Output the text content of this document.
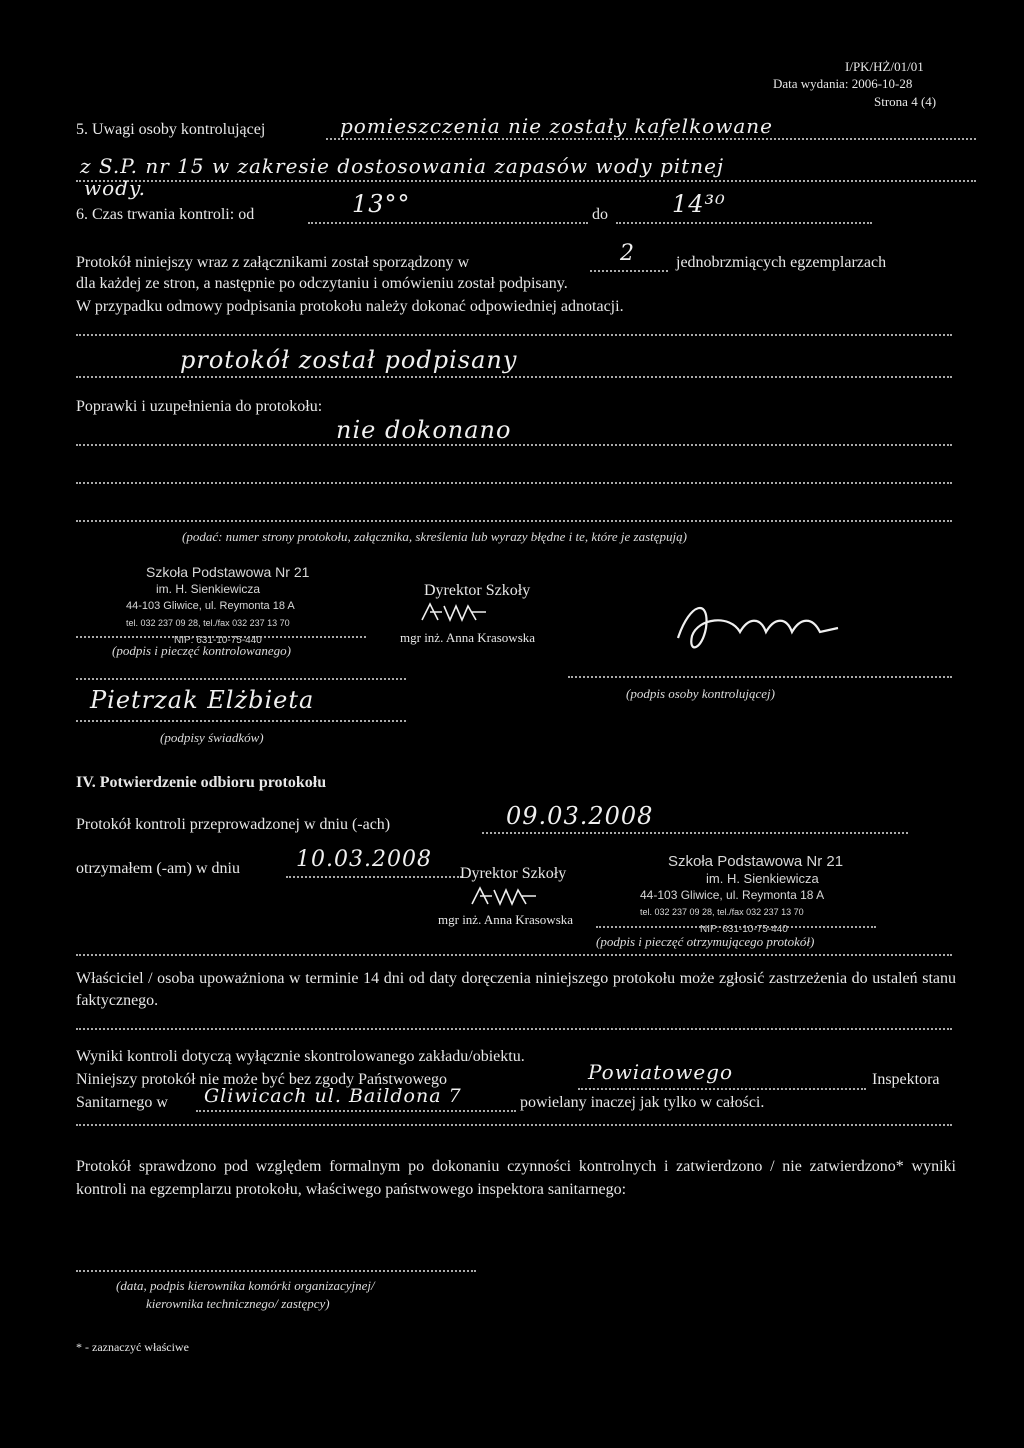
I/PK/HŻ/01/01
Data wydania: 2006-10-28
Strona 4 (4)
5. Uwagi osoby kontrolującej	pomieszczenia nie zostały kafelkowane
z S.P. nr 15 w zakresie dostosowania zapasów wody pitnej
wody.
6. Czas trwania kontroli: od	13°°	do	14³⁰
Protokół niniejszy wraz z załącznikami został sporządzony w	2	jednobrzmiących egzemplarzach
dla każdej ze stron, a następnie po odczytaniu i omówieniu został podpisany.
W przypadku odmowy podpisania protokołu należy dokonać odpowiedniej adnotacji.
protokół został podpisany
Poprawki i uzupełnienia do protokołu:
nie dokonano
(podać: numer strony protokołu, załącznika, skreślenia lub wyrazy błędne i te, które je zastępują)
Szkoła Podstawowa Nr 21
im. H. Sienkiewicza
44-103 Gliwice, ul. Reymonta 18 A
tel. 032 237 09 28, tel./fax 032 237 13 70
NIP: 631-10-75-440
(podpis i pieczęć kontrolowanego)
Dyrektor Szkoły
mgr inż. Anna Krasowska
(podpis osoby kontrolującej)
Pietrzak Elżbieta
(podpisy świadków)
IV. Potwierdzenie odbioru protokołu
Protokół kontroli przeprowadzonej w dniu (-ach)	09.03.2008
otrzymałem (-am) w dniu	10.03.2008
Dyrektor Szkoły
mgr inż. Anna Krasowska
Szkoła Podstawowa Nr 21
im. H. Sienkiewicza
44-103 Gliwice, ul. Reymonta 18 A
tel. 032 237 09 28, tel./fax 032 237 13 70
NIP: 631-10-75-440
(podpis i pieczęć otrzymującego protokół)
Właściciel / osoba upoważniona w terminie 14 dni od daty doręczenia niniejszego protokołu może zgłosić zastrzeżenia do ustaleń stanu faktycznego.
Wyniki kontroli dotyczą wyłącznie skontrolowanego zakładu/obiektu.
Niniejszy protokół nie może być bez zgody Państwowego	Powiatowego	Inspektora
Sanitarnego w Gliwicach ul. Baildona 7	powielany inaczej jak tylko w całości.
Protokół sprawdzono pod względem formalnym po dokonaniu czynności kontrolnych i zatwierdzono / nie zatwierdzono* wyniki kontroli na egzemplarzu protokołu, właściwego państwowego inspektora sanitarnego:
(data, podpis kierownika komórki organizacyjnej/
kierownika technicznego/ zastępcy)
* - zaznaczyć właściwe
